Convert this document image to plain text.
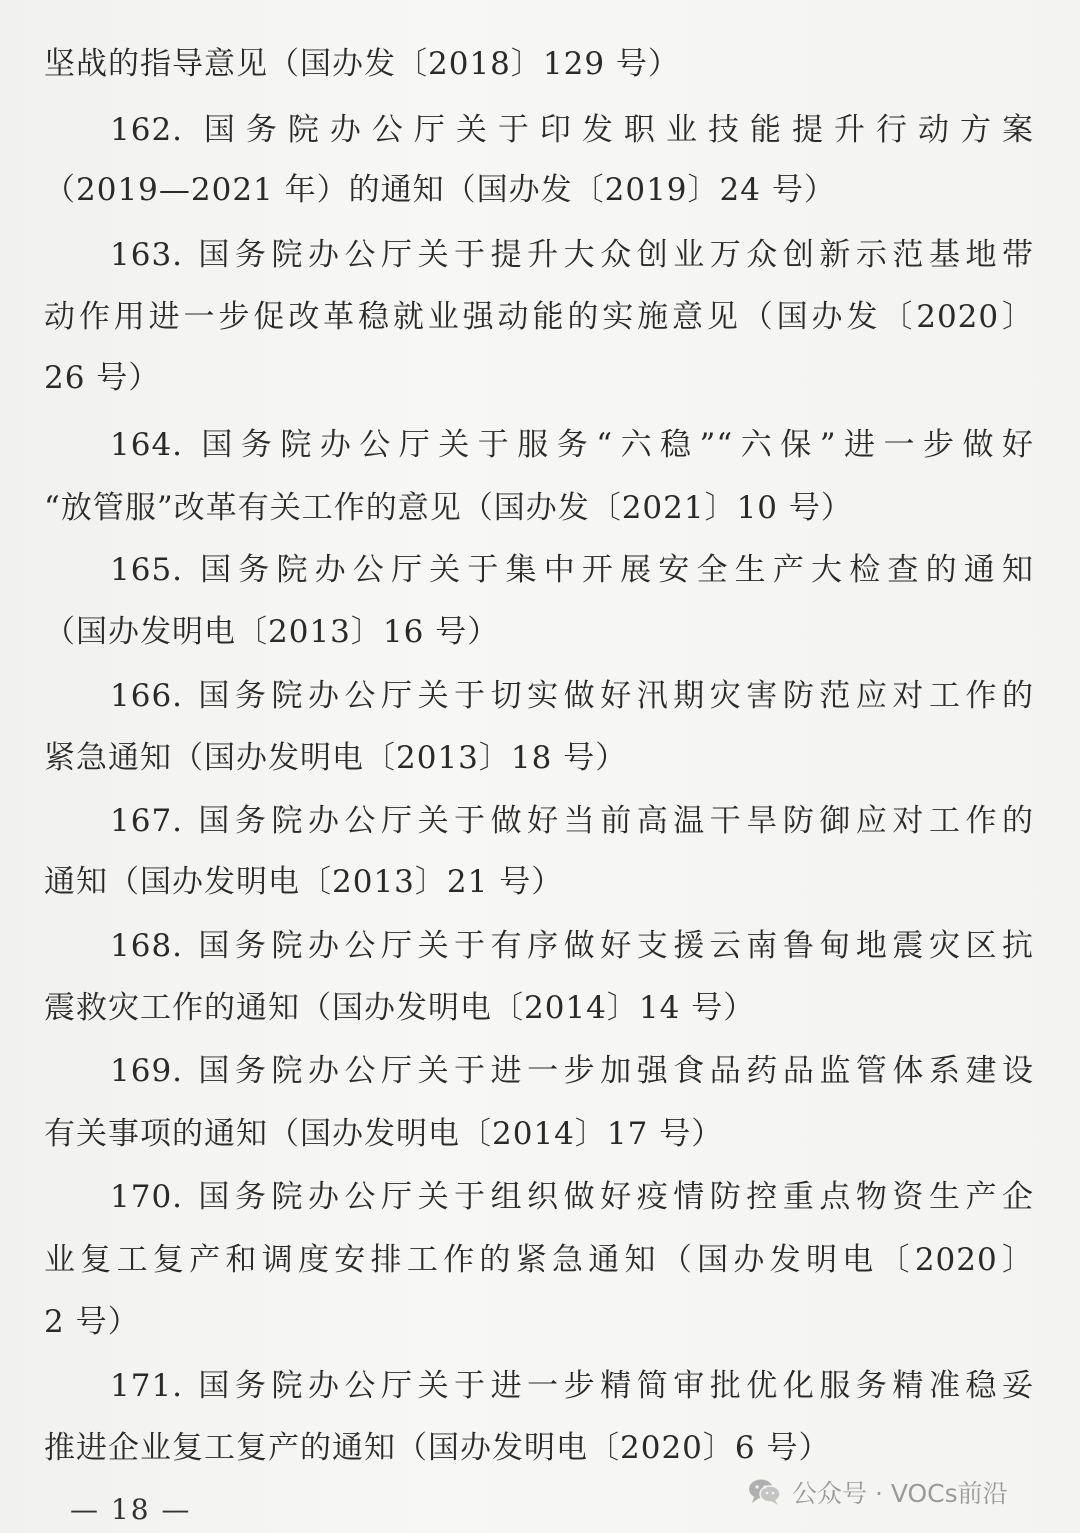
坚战的指导意见（国办发〔2018〕129 号）
162. 国务院办公厅关于印发职业技能提升行动方案
（2019—2021 年）的通知（国办发〔2019〕24 号）
163. 国务院办公厅关于提升大众创业万众创新示范基地带
动作用进一步促改革稳就业强动能的实施意见（国办发〔2020〕
26 号）
164. 国务院办公厅关于服务“六稳”“六保”进一步做好
“放管服”改革有关工作的意见（国办发〔2021〕10 号）
165. 国务院办公厅关于集中开展安全生产大检查的通知
（国办发明电〔2013〕16 号）
166. 国务院办公厅关于切实做好汛期灾害防范应对工作的
紧急通知（国办发明电〔2013〕18 号）
167. 国务院办公厅关于做好当前高温干旱防御应对工作的
通知（国办发明电〔2013〕21 号）
168. 国务院办公厅关于有序做好支援云南鲁甸地震灾区抗
震救灾工作的通知（国办发明电〔2014〕14 号）
169. 国务院办公厅关于进一步加强食品药品监管体系建设
有关事项的通知（国办发明电〔2014〕17 号）
170. 国务院办公厅关于组织做好疫情防控重点物资生产企
业复工复产和调度安排工作的紧急通知（国办发明电〔2020〕
2 号）
171. 国务院办公厅关于进一步精简审批优化服务精准稳妥
推进企业复工复产的通知（国办发明电〔2020〕6 号）
— 18 —	公众号 · VOCs前沿
